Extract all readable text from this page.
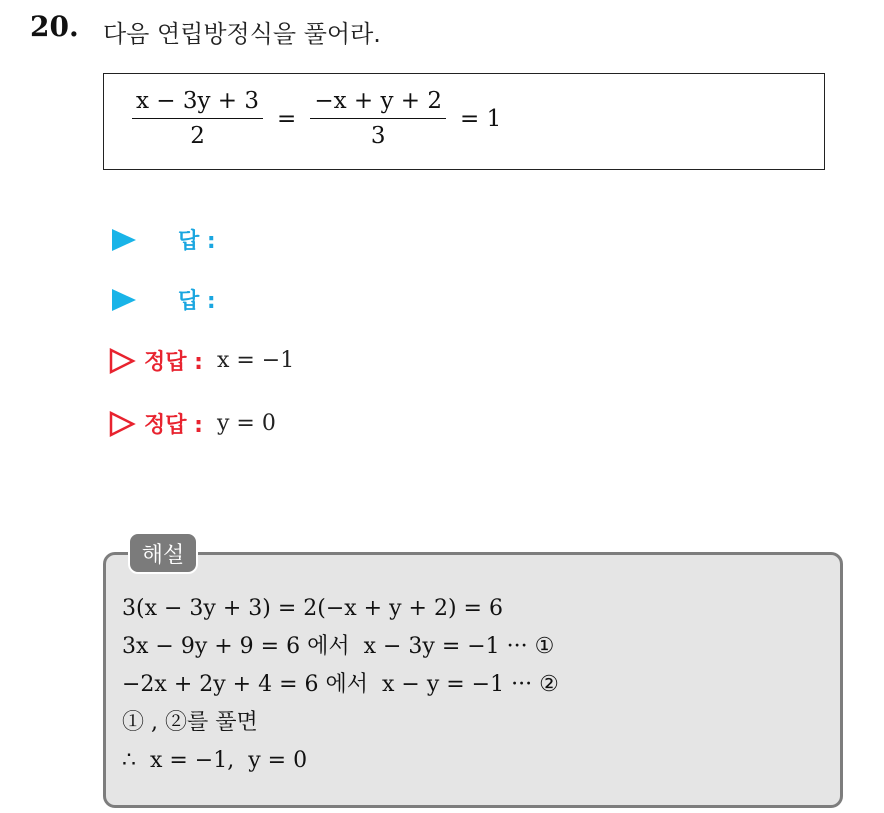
20. 다음 연립방정식을 풀어라.
$\frac{x - 3y + 3}{2} = \frac{-x + y + 2}{3} = 1$
답 :
답 :
정답 : x = −1
정답 : y = 0
해설
3(x − 3y + 3) = 2(−x + y + 2) = 6
3x − 9y + 9 = 6 에서  x − 3y = −1 ··· ①
−2x + 2y + 4 = 6 에서  x − y = −1 ··· ②
① , ②를 풀면
∴  x = −1,  y = 0
